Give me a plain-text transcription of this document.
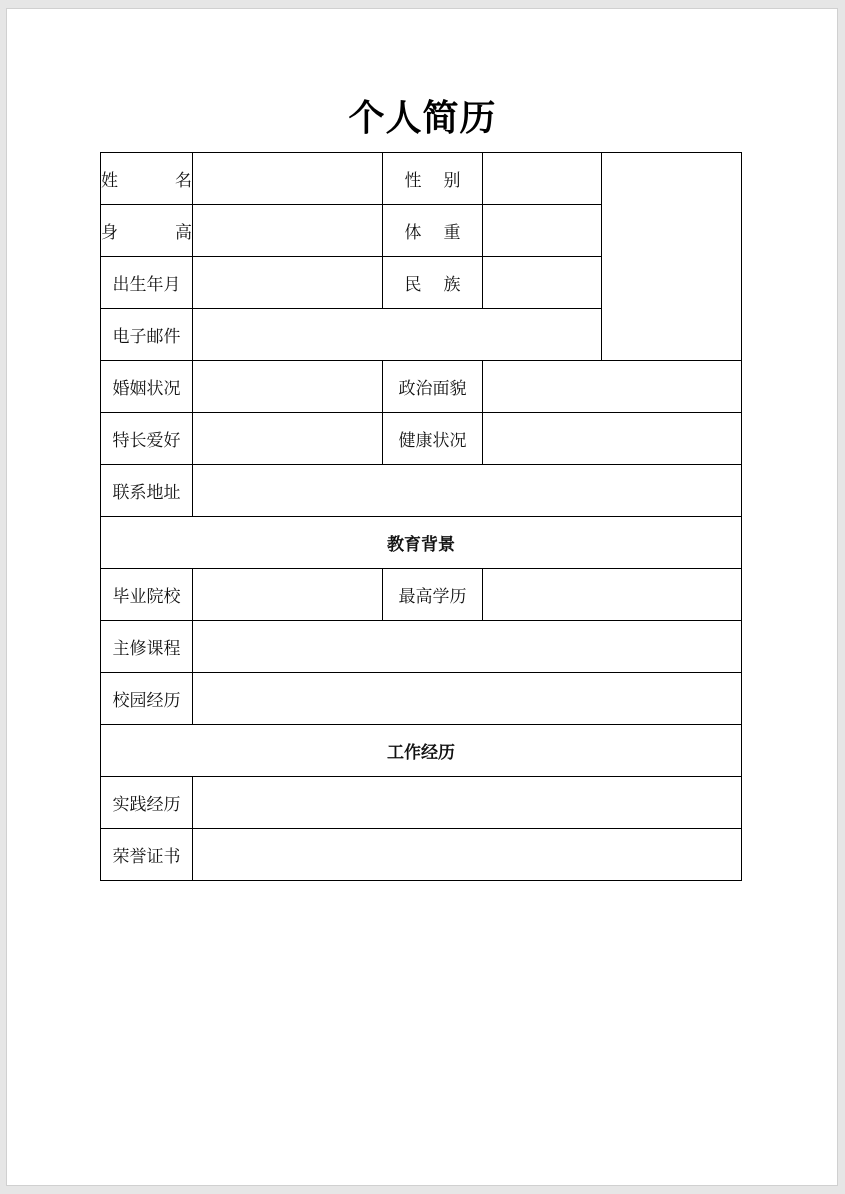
个人简历
姓 名		性 别		

身 高		体 重		

出生年月		民 族		

电子邮件				

婚姻状况		政治面貌		

特长爱好		健康状况		

联系地址				

教育背景				
毕业院校		最高学历		

主修课程				

校园经历				

工作经历				
实践经历				

荣誉证书				
